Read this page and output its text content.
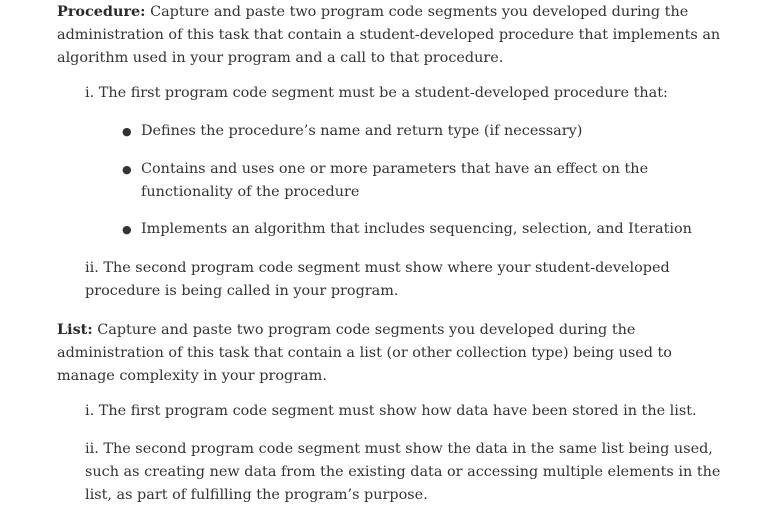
Procedure: Capture and paste two program code segments you developed during the administration of this task that contain a student-developed procedure that implements an algorithm used in your program and a call to that procedure.

i. The first program code segment must be a student-developed procedure that:

● Defines the procedure’s name and return type (if necessary)
● Contains and uses one or more parameters that have an effect on the functionality of the procedure
● Implements an algorithm that includes sequencing, selection, and Iteration

ii. The second program code segment must show where your student-developed procedure is being called in your program.

List: Capture and paste two program code segments you developed during the administration of this task that contain a list (or other collection type) being used to manage complexity in your program.

i. The first program code segment must show how data have been stored in the list.

ii. The second program code segment must show the data in the same list being used, such as creating new data from the existing data or accessing multiple elements in the list, as part of fulfilling the program’s purpose.
